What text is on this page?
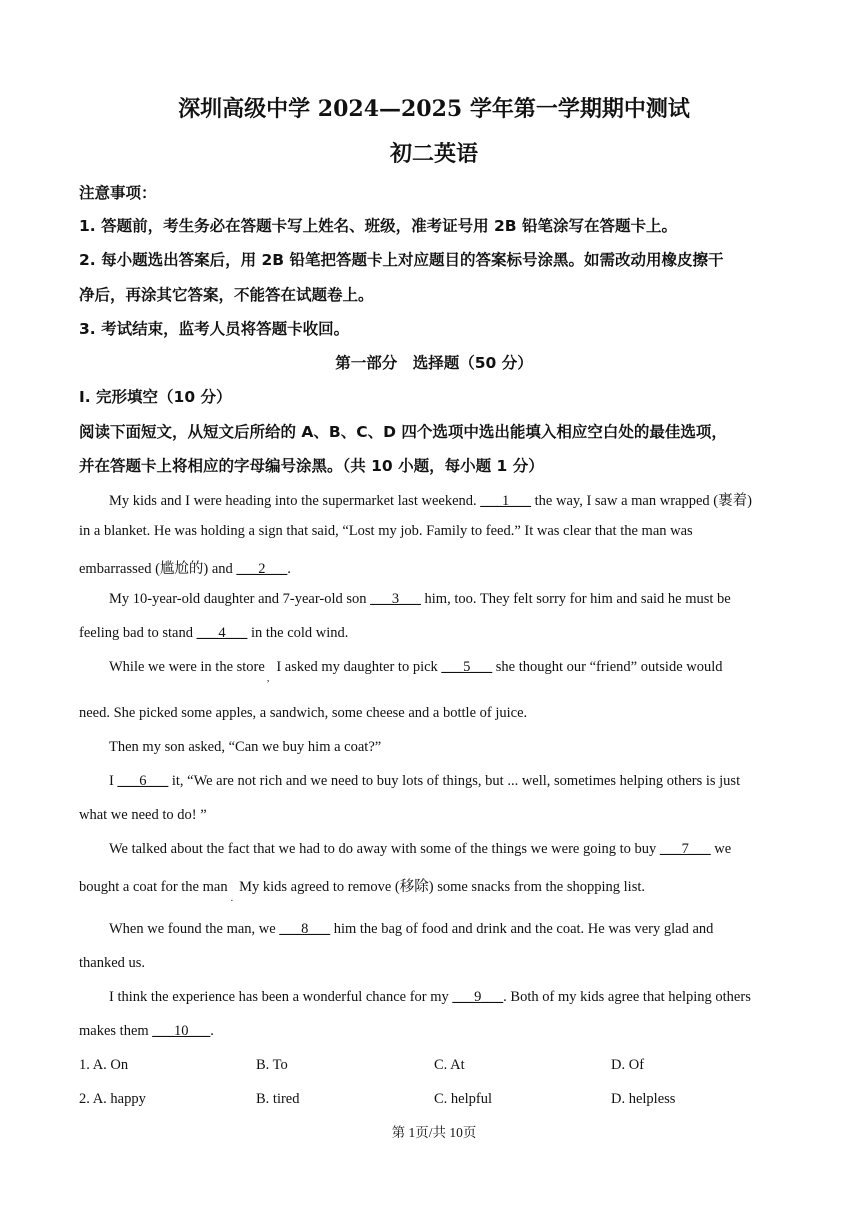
深圳高级中学 2024—2025 学年第一学期期中测试
初二英语
注意事项：
1. 答题前，考生务必在答题卡写上姓名、班级，准考证号用 2B 铅笔涂写在答题卡上。
2. 每小题选出答案后，用 2B 铅笔把答题卡上对应题目的答案标号涂黑。如需改动用橡皮擦干
净后，再涂其它答案，不能答在试题卷上。
3. 考试结束，监考人员将答题卡收回。
第一部分　选择题（50 分）
I. 完形填空（10 分）
阅读下面短文，从短文后所给的 A、B、C、D 四个选项中选出能填入相应空白处的最佳选项，
并在答题卡上将相应的字母编号涂黑。（共 10 小题，每小题 1 分）
My kids and I were heading into the supermarket last weekend. ___1___ the way, I saw a man wrapped (裹着)
in a blanket. He was holding a sign that said, “Lost my job. Family to feed.” It was clear that the man was
embarrassed (尴尬的) and ___2___.
My 10-year-old daughter and 7-year-old son ___3___ him, too. They felt sorry for him and said he must be
feeling bad to stand ___4___ in the cold wind.
While we were in the store$_,$I asked my daughter to pick ___5___ she thought our “friend” outside would
need. She picked some apples, a sandwich, some cheese and a bottle of juice.
Then my son asked, “Can we buy him a coat?”
I ___6___ it, “We are not rich and we need to buy lots of things, but ... well, sometimes helping others is just
what we need to do! ”
We talked about the fact that we had to do away with some of the things we were going to buy ___7___ we
bought a coat for the man$_.$My kids agreed to remove (移除) some snacks from the shopping list.
When we found the man, we ___8___ him the bag of food and drink and the coat. He was very glad and
thanked us.
I think the experience has been a wonderful chance for my ___9___. Both of my kids agree that helping others
makes them ___10___.
1. A. On	B. To	C. At	D. Of
2. A. happy	B. tired	C. helpful	D. helpless
第 1页/共 10页
